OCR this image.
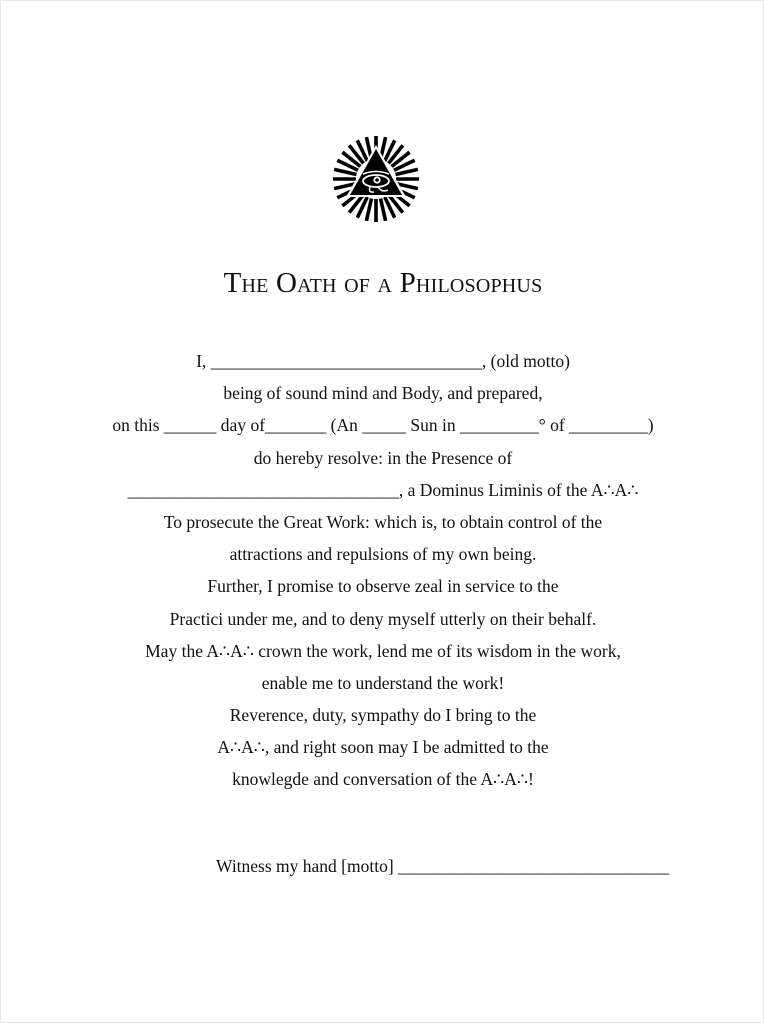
The Oath of a Philosophus
I, _______________________________, (old motto)
being of sound mind and Body, and prepared,
on this ______ day of_______ (An _____ Sun in _________° of _________)
do hereby resolve: in the Presence of
_______________________________, a Dominus Liminis of the A∴A∴
To prosecute the Great Work: which is, to obtain control of the
attractions and repulsions of my own being.
Further, I promise to observe zeal in service to the
Practici under me, and to deny myself utterly on their behalf.
May the A∴A∴ crown the work, lend me of its wisdom in the work,
enable me to understand the work!
Reverence, duty, sympathy do I bring to the
A∴A∴, and right soon may I be admitted to the
knowlegde and conversation of the A∴A∴!
Witness my hand [motto] _______________________________
